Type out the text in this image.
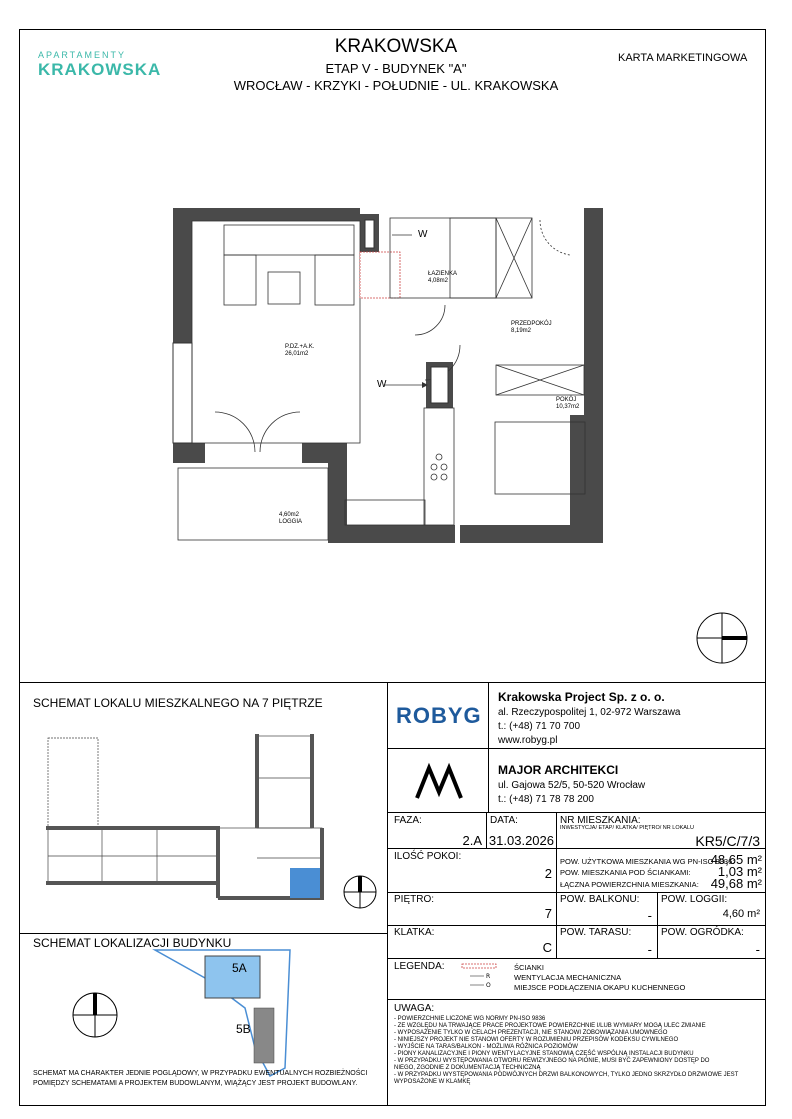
APARTAMENTY
KRAKOWSKA
KRAKOWSKA
ETAP V - BUDYNEK "A"
WROCŁAW - KRZYKI - POŁUDNIE - UL. KRAKOWSKA
KARTA MARKETINGOWA
P.DZ.+A.K.
26,01m2
ŁAZIENKA
4,08m2
PRZEDPOKÓJ
8,19m2
POKÓJ
10,37m2
4,60m2
LOGGIA
W
W
SCHEMAT LOKALU MIESZKALNEGO NA 7 PIĘTRZE
SCHEMAT LOKALIZACJI BUDYNKU
5A
5B
SCHEMAT MA CHARAKTER JEDNIE POGLĄDOWY, W PRZYPADKU EWENTUALNYCH ROZBIEŻNOŚCI
POMIĘDZY SCHEMATAMI A PROJEKTEM BUDOWLANYM, WIĄŻĄCY JEST PROJEKT BUDOWLANY.
ROBYG
Krakowska Project Sp. z o. o.
al. Rzeczypospolitej 1, 02-972 Warszawa
t.: (+48) 71 70 700
www.robyg.pl
MAJOR ARCHITEKCI
ul. Gajowa 52/5, 50-520 Wrocław
t.: (+48) 71 78 78 200
FAZA:
2.A
DATA:
31.03.2026
NR MIESZKANIA:
INWESTYCJA/ ETAP/ KLATKA/ PIĘTRO/ NR LOKALU
KR5/C/7/3
ILOŚĆ POKOI:
2
POW. UŻYTKOWA MIESZKANIA WG PN-ISO 9836:
48,65 m²
POW. MIESZKANIA POD ŚCIANKAMI:	1,03 m²
ŁĄCZNA POWIERZCHNIA MIESZKANIA: 49,68 m²
PIĘTRO:
7
POW. BALKONU:
-
POW. LOGGII:
4,60 m²
KLATKA:
C
POW. TARASU:
-
POW. OGRÓDKA:
-
LEGENDA:
R
O
ŚCIANKI
WENTYLACJA MECHANICZNA
MIEJSCE PODŁĄCZENIA OKAPU KUCHENNEGO
UWAGA:
- POWIERZCHNIE LICZONE WG NORMY PN-ISO 9836
- ZE WZGLĘDU NA TRWAJĄCE PRACE PROJEKTOWE POWIERZCHNIE I/LUB WYMIARY MOGĄ ULEC ZMIANIE
- WYPOSAŻENIE TYLKO W CELACH PREZENTACJI, NIE STANOWI ZOBOWIĄZANIA UMOWNEGO
- NINIEJSZY PROJEKT NIE STANOWI OFERTY W ROZUMIENIU PRZEPISÓW KODEKSU CYWILNEGO
- WYJŚCIE NA TARAS/BALKON - MOŻLIWA RÓŻNICA POZIOMÓW
- PIONY KANALIZACYJNE I PIONY WENTYLACYJNE STANOWIĄ CZĘŚĆ WSPÓLNĄ INSTALACJI BUDYNKU
- W PRZYPADKU WYSTĘPOWANIA OTWORU REWIZYJNEGO NA PIONIE, MUSI BYĆ ZAPEWNIONY DOSTĘP DO
NIEGO, ZGODNIE Z DOKUMENTACJĄ TECHNICZNĄ
- W PRZYPADKU WYSTĘPOWANIA PODWÓJNYCH DRZWI BALKONOWYCH, TYLKO JEDNO SKRZYDŁO DRZWIOWE JEST
WYPOSAŻONE W KLAMKĘ
